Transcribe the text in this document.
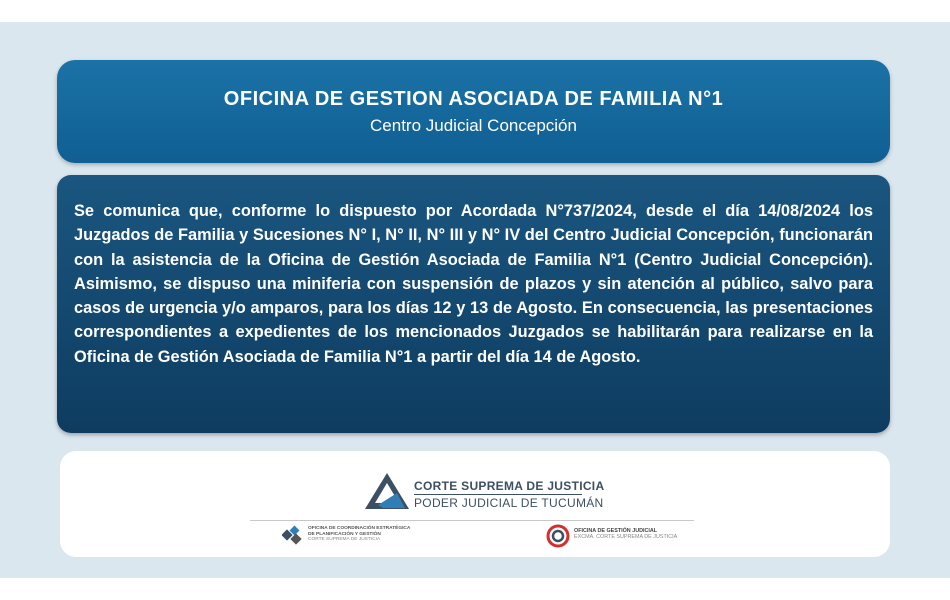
OFICINA DE GESTION ASOCIADA DE FAMILIA N°1
Centro Judicial Concepción

Se comunica que, conforme lo dispuesto por Acordada N°737/2024, desde el día 14/08/2024 los Juzgados de Familia y Sucesiones N° I, N° II, N° III y N° IV del Centro Judicial Concepción, funcionarán con la asistencia de la Oficina de Gestión Asociada de Familia N°1 (Centro Judicial Concepción). Asimismo, se dispuso una miniferia con suspensión de plazos y sin atención al público, salvo para casos de urgencia y/o amparos, para los días 12 y 13 de Agosto. En consecuencia, las presentaciones correspondientes a expedientes de los mencionados Juzgados se habilitarán para realizarse en la Oficina de Gestión Asociada de Familia N°1 a partir del día 14 de Agosto.

CORTE SUPREMA DE JUSTICIA
PODER JUDICIAL DE TUCUMÁN
OFICINA DE COORDINACIÓN ESTRATÉGICA
DE PLANIFICACIÓN Y GESTIÓN
CORTE SUPREMA DE JUSTICIA
OFICINA DE GESTIÓN JUDICIAL
EXCMA. CORTE SUPREMA DE JUSTICIA
